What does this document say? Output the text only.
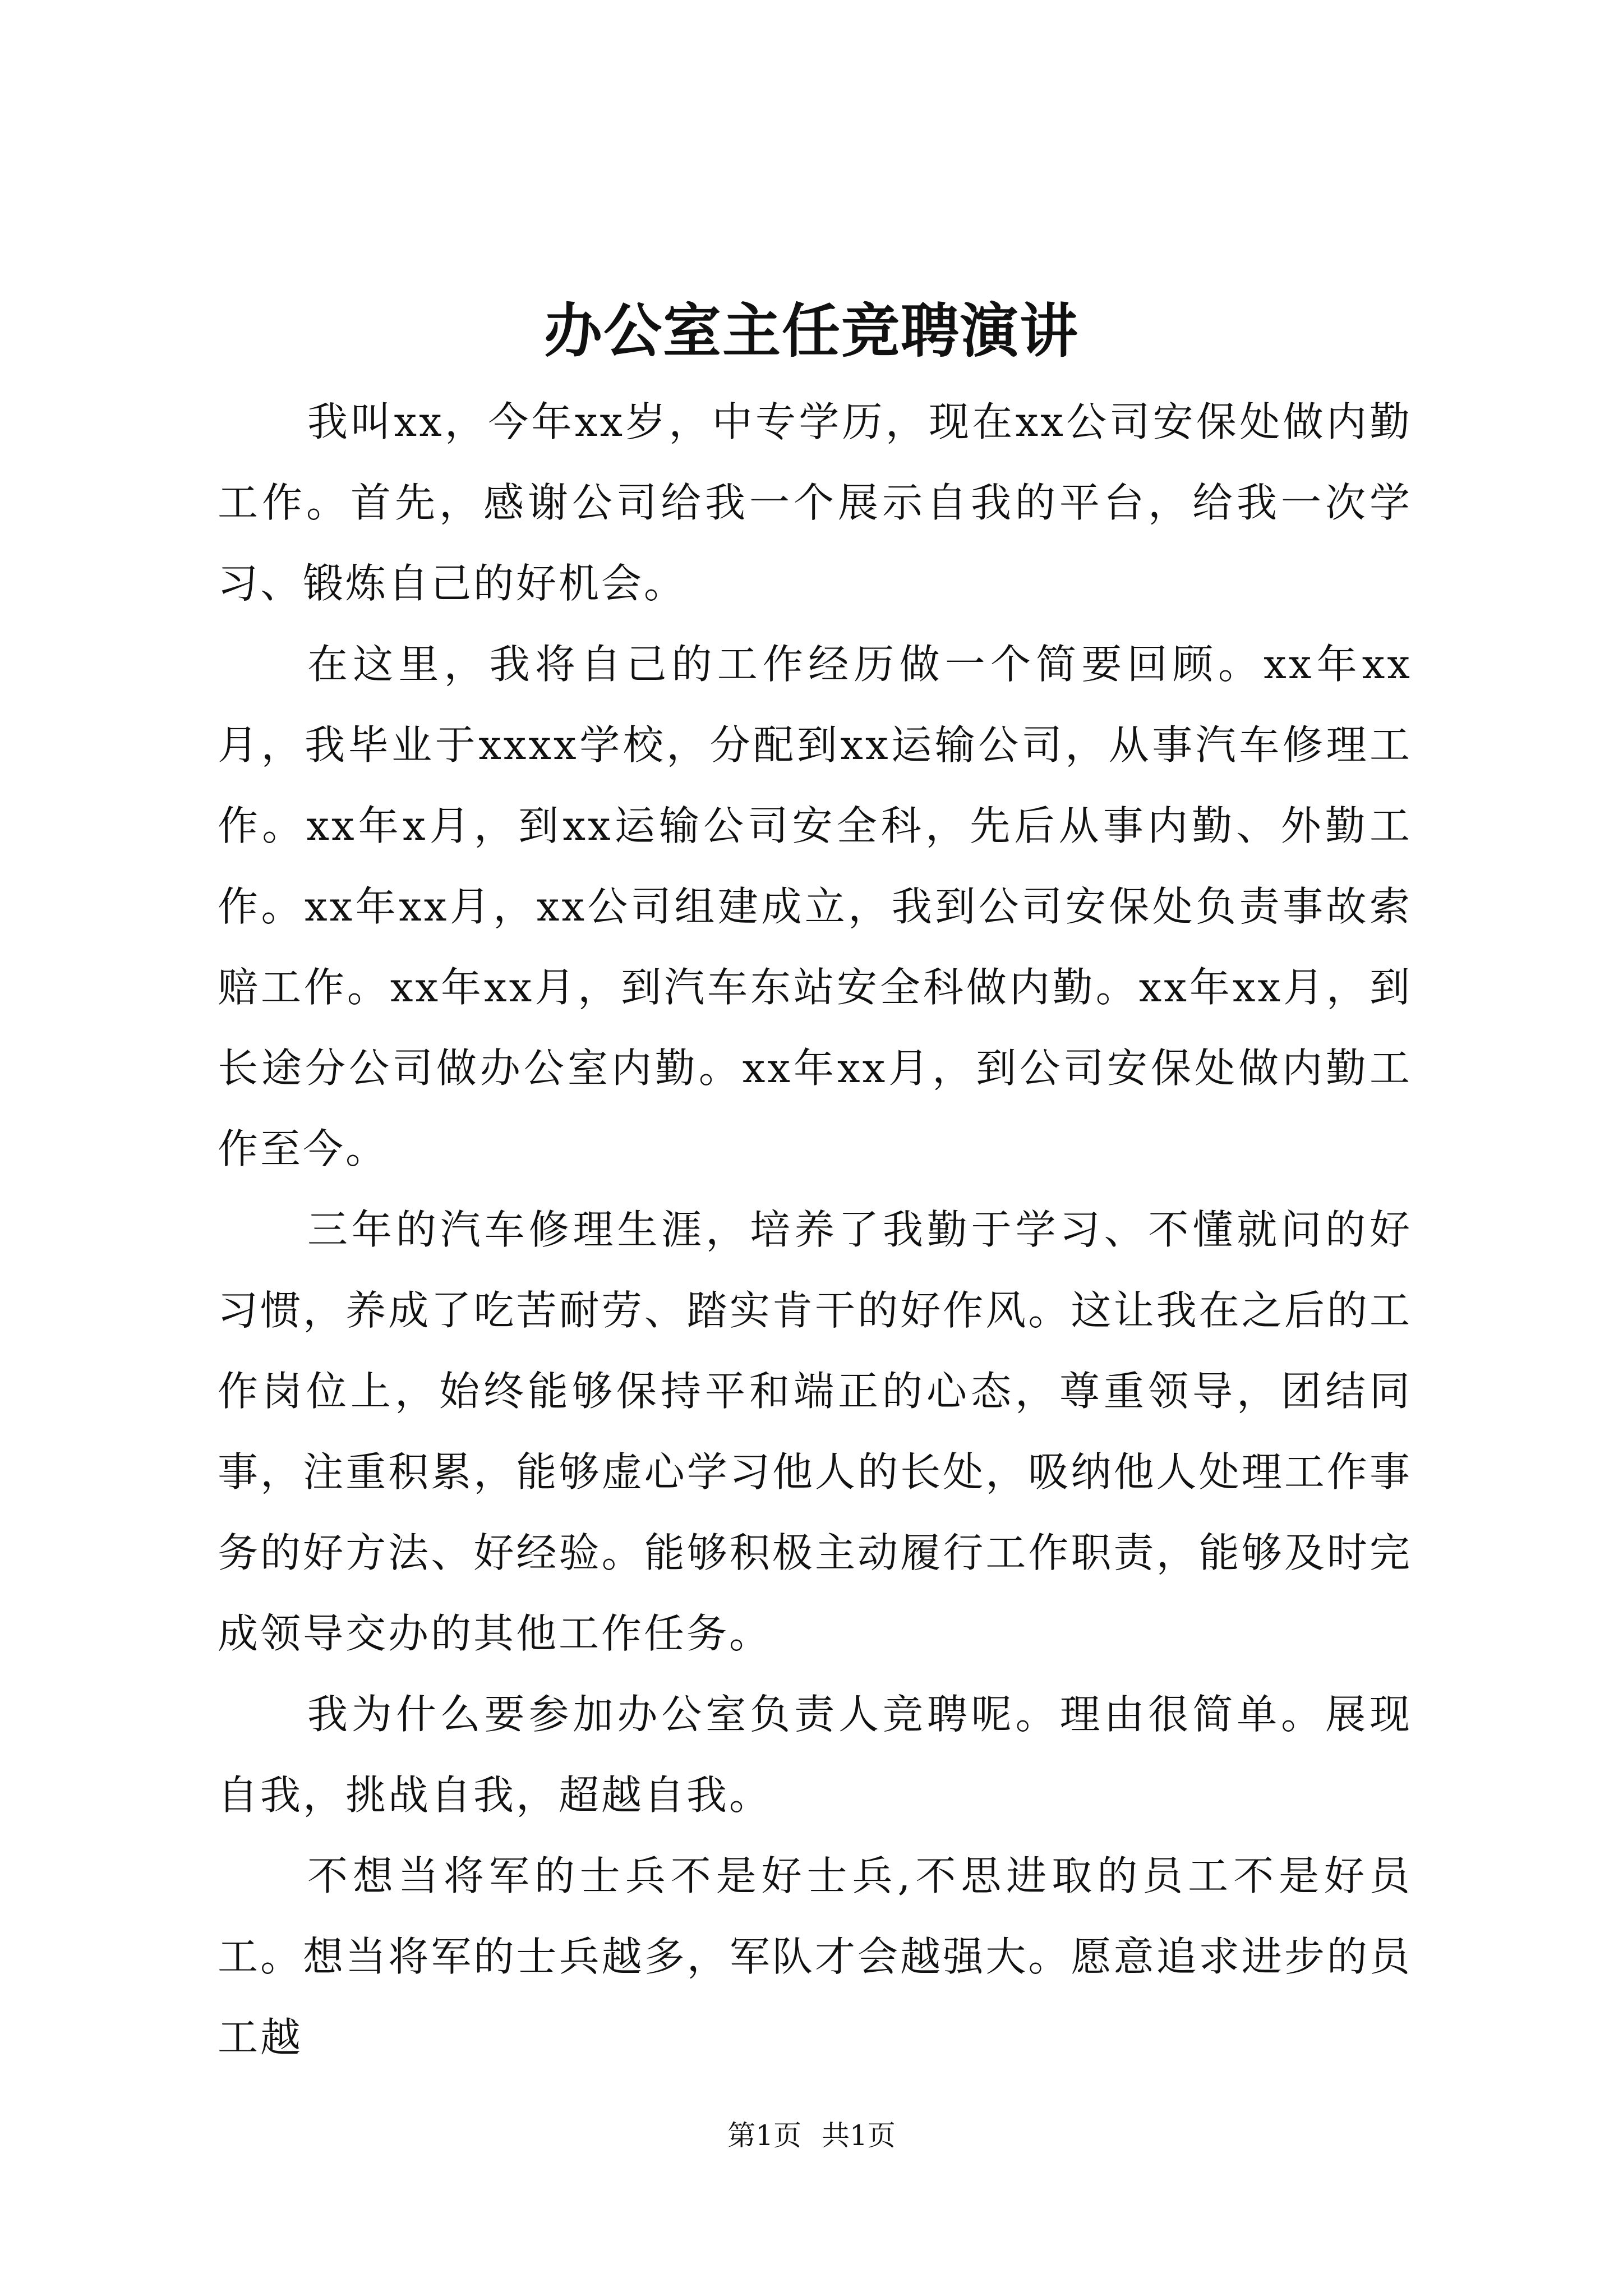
办公室主任竞聘演讲

我叫xx，今年xx岁，中专学历，现在xx公司安保处做内勤工作。首先，感谢公司给我一个展示自我的平台，给我一次学习、锻炼自己的好机会。

在这里，我将自己的工作经历做一个简要回顾。xx年xx月，我毕业于xxxx学校，分配到xx运输公司，从事汽车修理工作。xx年x月，到xx运输公司安全科，先后从事内勤、外勤工作。xx年xx月，xx公司组建成立，我到公司安保处负责事故索赔工作。xx年xx月，到汽车东站安全科做内勤。xx年xx月，到长途分公司做办公室内勤。xx年xx月，到公司安保处做内勤工作至今。

三年的汽车修理生涯，培养了我勤于学习、不懂就问的好习惯，养成了吃苦耐劳、踏实肯干的好作风。这让我在之后的工作岗位上，始终能够保持平和端正的心态，尊重领导，团结同事，注重积累，能够虚心学习他人的长处，吸纳他人处理工作事务的好方法、好经验。能够积极主动履行工作职责，能够及时完成领导交办的其他工作任务。

我为什么要参加办公室负责人竞聘呢。理由很简单。展现自我，挑战自我，超越自我。

不想当将军的士兵不是好士兵,不思进取的员工不是好员工。想当将军的士兵越多，军队才会越强大。愿意追求进步的员工越

第1页 共1页
